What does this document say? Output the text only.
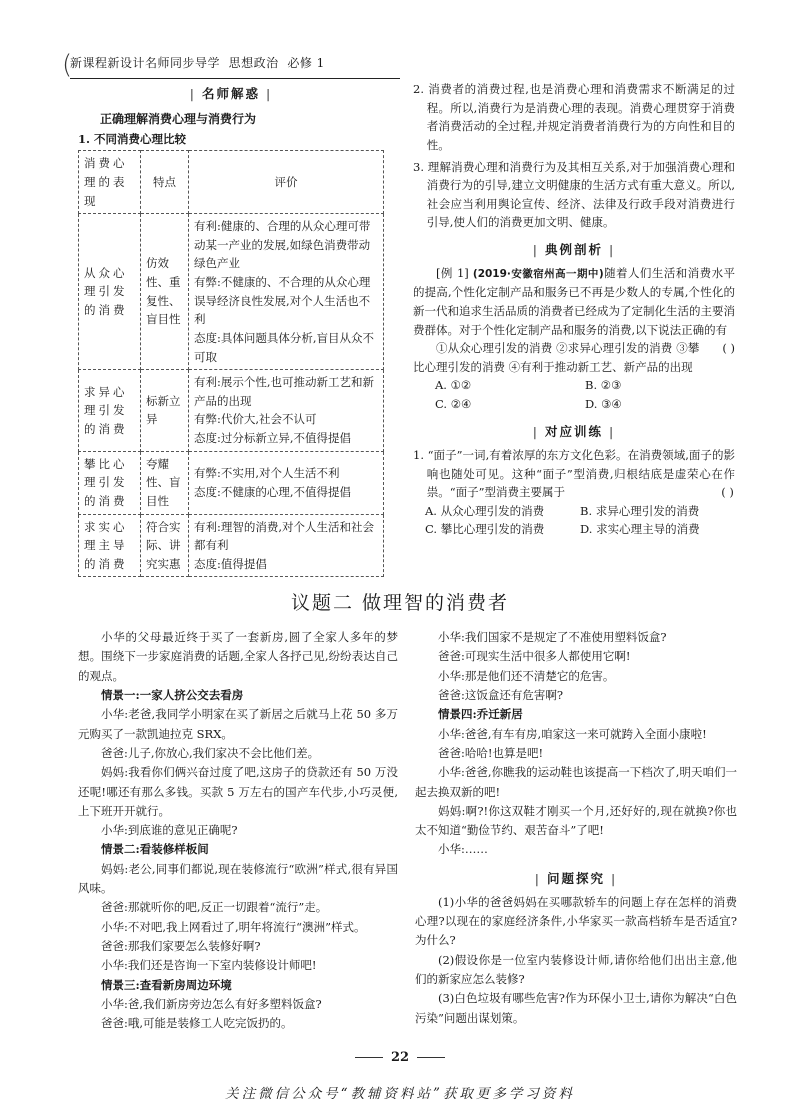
(
新课程新设计名师同步导学 思想政治 必修 1
| 名师解惑 |
正确理解消费心理与消费行为
1. 不同消费心理比较
消费心理的表现	特点	评价
从众心理引发的消费	仿效性、重复性、盲目性	有利:健康的、合理的从众心理可带动某一产业的发展,如绿色消费带动绿色产业
有弊:不健康的、不合理的从众心理误导经济良性发展,对个人生活也不利
态度:具体问题具体分析,盲目从众不可取
求异心理引发的消费	标新立异	有利:展示个性,也可推动新工艺和新产品的出现
有弊:代价大,社会不认可
态度:过分标新立异,不值得提倡
攀比心理引发的消费	夸耀性、盲目性	有弊:不实用,对个人生活不利
态度:不健康的心理,不值得提倡
求实心理主导的消费	符合实际、讲究实惠	有利:理智的消费,对个人生活和社会都有利
态度:值得提倡

2. 消费者的消费过程,也是消费心理和消费需求不断满足的过程。所以,消费行为是消费心理的表现。消费心理贯穿于消费者消费活动的全过程,并规定消费者消费行为的方向性和目的性。

3. 理解消费心理和消费行为及其相互关系,对于加强消费心理和消费行为的引导,建立文明健康的生活方式有重大意义。所以,社会应当利用舆论宣传、经济、法律及行政手段对消费进行引导,使人们的消费更加文明、健康。

| 典例剖析 |

[例 1] (2019·安徽宿州高一期中)随着人们生活和消费水平的提高,个性化定制产品和服务已不再是少数人的专属,个性化的新一代和追求生活品质的消费者已经成为了定制化生活的主要消费群体。对于个性化定制产品和服务的消费,以下说法正确的有
( )

①从众心理引发的消费 ②求异心理引发的消费 ③攀比心理引发的消费 ④有利于推动新工艺、新产品的出现

A. ①②	B. ②③
C. ②④	D. ③④
| 对应训练 |

1. “面子”一词,有着浓厚的东方文化色彩。在消费领域,面子的影响也随处可见。这种“面子”型消费,归根结底是虚荣心在作祟。“面子”型消费主要属于	( )

A. 从众心理引发的消费	B. 求异心理引发的消费
C. 攀比心理引发的消费	D. 求实心理主导的消费
议题二 做理智的消费者

小华的父母最近终于买了一套新房,圆了全家人多年的梦想。围绕下一步家庭消费的话题,全家人各抒己见,纷纷表达自己的观点。

情景一:一家人挤公交去看房

小华:老爸,我同学小明家在买了新居之后就马上花 50 多万元购买了一款凯迪拉克 SRX。

爸爸:儿子,你放心,我们家决不会比他们差。

妈妈:我看你们俩兴奋过度了吧,这房子的贷款还有 50 万没还呢!哪还有那么多钱。买款 5 万左右的国产车代步,小巧灵便,上下班开开就行。

小华:到底谁的意见正确呢?

情景二:看装修样板间

妈妈:老公,同事们都说,现在装修流行“欧洲”样式,很有异国风味。

爸爸:那就听你的吧,反正一切跟着“流行”走。

小华:不对吧,我上网看过了,明年将流行“澳洲”样式。

爸爸:那我们家要怎么装修好啊?

小华:我们还是咨询一下室内装修设计师吧!

情景三:查看新房周边环境

小华:爸,我们新房旁边怎么有好多塑料饭盒?

爸爸:哦,可能是装修工人吃完饭扔的。

小华:我们国家不是规定了不准使用塑料饭盒?

爸爸:可现实生活中很多人都使用它啊!

小华:那是他们还不清楚它的危害。

爸爸:这饭盒还有危害啊?

情景四:乔迁新居

小华:爸爸,有车有房,咱家这一来可就跨入全面小康啦!

爸爸:哈哈!也算是吧!

小华:爸爸,你瞧我的运动鞋也该提高一下档次了,明天咱们一起去换双新的吧!

妈妈:啊?!你这双鞋才刚买一个月,还好好的,现在就换?你也太不知道“勤俭节约、艰苦奋斗”了吧!

小华:……

| 问题探究 |

(1)小华的爸爸妈妈在买哪款轿车的问题上存在怎样的消费心理?以现在的家庭经济条件,小华家买一款高档轿车是否适宜?为什么?

(2)假设你是一位室内装修设计师,请你给他们出出主意,他们的新家应怎么装修?

(3)白色垃圾有哪些危害?作为环保小卫士,请你为解决“白色污染”问题出谋划策。

22
关注微信公众号“教辅资料站”获取更多学习资料
